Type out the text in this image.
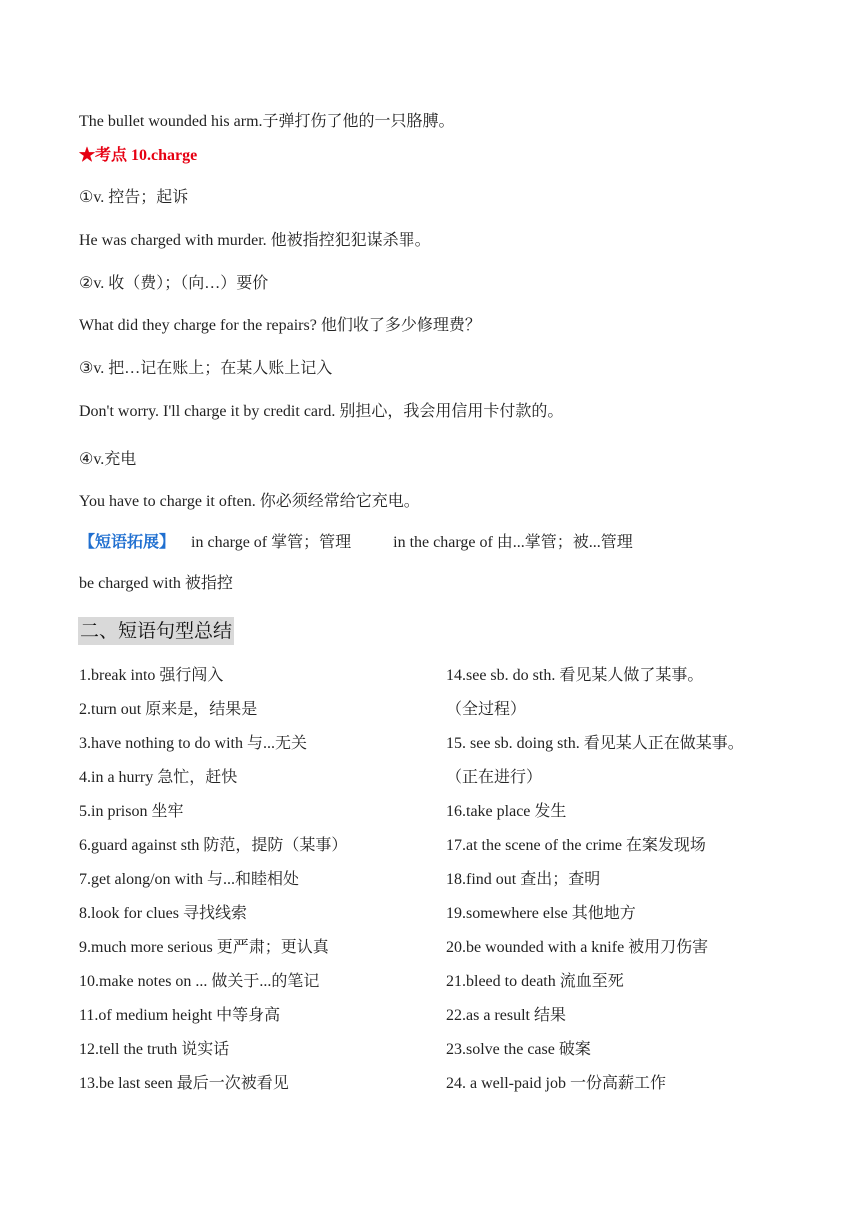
The bullet wounded his arm.子弹打伤了他的一只胳膊。
★考点 10.charge
①v. 控告；起诉
He was charged with murder. 他被指控犯犯谋杀罪。
②v. 收（费）；（向…）要价
What did they charge for the repairs? 他们收了多少修理费？
③v. 把…记在账上；在某人账上记入
Don't worry. I'll charge it by credit card. 别担心，我会用信用卡付款的。
④v.充电
You have to charge it often. 你必须经常给它充电。
【短语拓展】 in charge of 掌管；管理	in the charge of 由...掌管；被...管理
be charged with 被指控
二、短语句型总结
1.break into 强行闯入
2.turn out 原来是，结果是
3.have nothing to do with 与...无关
4.in a hurry 急忙，赶快
5.in prison 坐牢
6.guard against sth 防范，提防（某事）
7.get along/on with 与...和睦相处
8.look for clues 寻找线索
9.much more serious 更严肃；更认真
10.make notes on ... 做关于...的笔记
11.of medium height 中等身高
12.tell the truth 说实话
13.be last seen 最后一次被看见
14.see sb. do sth. 看见某人做了某事。
（全过程）
15. see sb. doing sth. 看见某人正在做某事。
（正在进行）
16.take place 发生
17.at the scene of the crime 在案发现场
18.find out 查出；查明
19.somewhere else 其他地方
20.be wounded with a knife 被用刀伤害
21.bleed to death 流血至死
22.as a result 结果
23.solve the case 破案
24. a well-paid job 一份高薪工作
